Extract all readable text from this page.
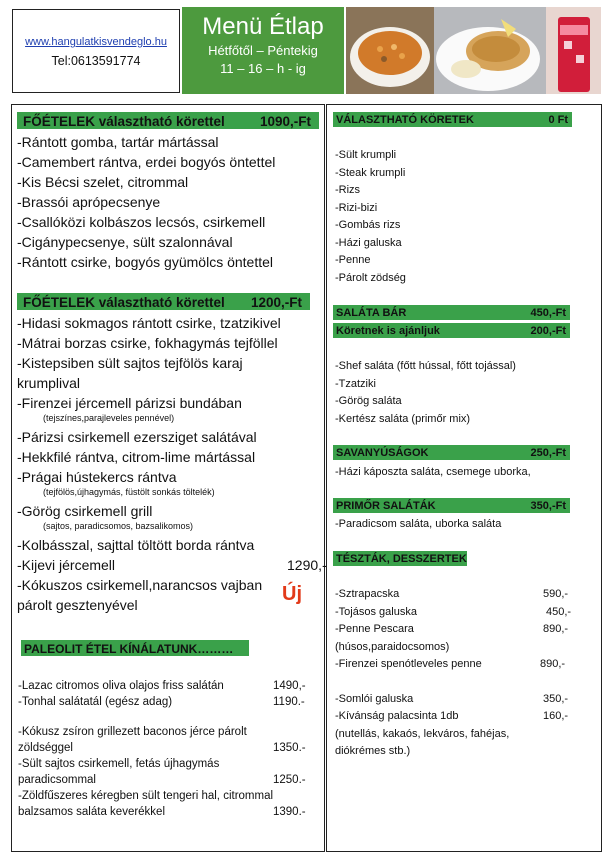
www.hangulatkisvendeglo.hu
Tel:0613591774
Menü Étlap
Hétfőtől – Péntekig
11 – 16 – h - ig
FŐÉTELEK választható körettel	1090,-Ft
-Rántott gomba, tartár mártással
-Camembert rántva, erdei bogyós öntettel
-Kis Bécsi szelet, citrommal
-Brassói aprópecsenye
-Csallóközi kolbászos lecsós, csirkemell
-Cigánypecsenye, sült szalonnával
-Rántott csirke, bogyós gyümölcs öntettel
FŐÉTELEK választható körettel 1200,-Ft
-Hidasi sokmagos rántott csirke, tzatzikivel
-Mátrai borzas csirke, fokhagymás tejföllel
-Kistepsiben sült sajtos tejfölös karaj
krumplival
-Firenzei jércemell párizsi bundában
(tejszínes,parajleveles pennével)
-Párizsi csirkemell ezersziget salátával
-Hekkfilé rántva, citrom-lime mártással
-Prágai hústekercs rántva
(tejfölös,újhagymás, füstölt sonkás töltelék)
-Görög csirkemell grill
(sajtos, paradicsomos, bazsalikomos)
-Kolbásszal, sajttal töltött borda rántva
-Kijevi jércemell	1290,-
-Kókuszos csirkemell,narancsos vajban
párolt gesztenyével	Új
PALEOLIT ÉTEL KÍNÁLATUNK………
-Lazac citromos oliva olajos friss salátán	1490,-
-Tonhal salátatál (egész adag)	1190.-
-Kókusz zsíron grillezett baconos jérce párolt
zöldséggel	1350.-
-Sült sajtos csirkemell, fetás újhagymás
paradicsommal	1250.-
-Zöldfűszeres kéregben sült tengeri hal, citrommal
balzsamos saláta keverékkel	1390.-
VÁLASZTHATÓ KÖRETEK	0 Ft
-Sült krumpli
-Steak krumpli
-Rizs
-Rizi-bizi
-Gombás rizs
-Házi galuska
-Penne
-Párolt zödség
SALÁTA BÁR	450,-Ft
Köretnek is ajánljuk	200,-Ft
-Shef saláta (főtt hússal, főtt tojással)
-Tzatziki
-Görög saláta
-Kertész saláta (primőr mix)
SAVANYÚSÁGOK	250,-Ft
-Házi káposzta saláta, csemege uborka,
PRIMŐR SALÁTÁK	350,-Ft
-Paradicsom saláta, uborka saláta
TÉSZTÁK, DESSZERTEK
-Sztrapacska	590,-
-Tojásos galuska	450,-
-Penne Pescara	890,-
(húsos,paraidocsomos)
-Firenzei spenótleveles penne	890,-
-Somlói galuska	350,-
-Kívánság palacsinta 1db	160,-
(nutellás, kakaós, lekváros, fahéjas,
diókrémes stb.)
